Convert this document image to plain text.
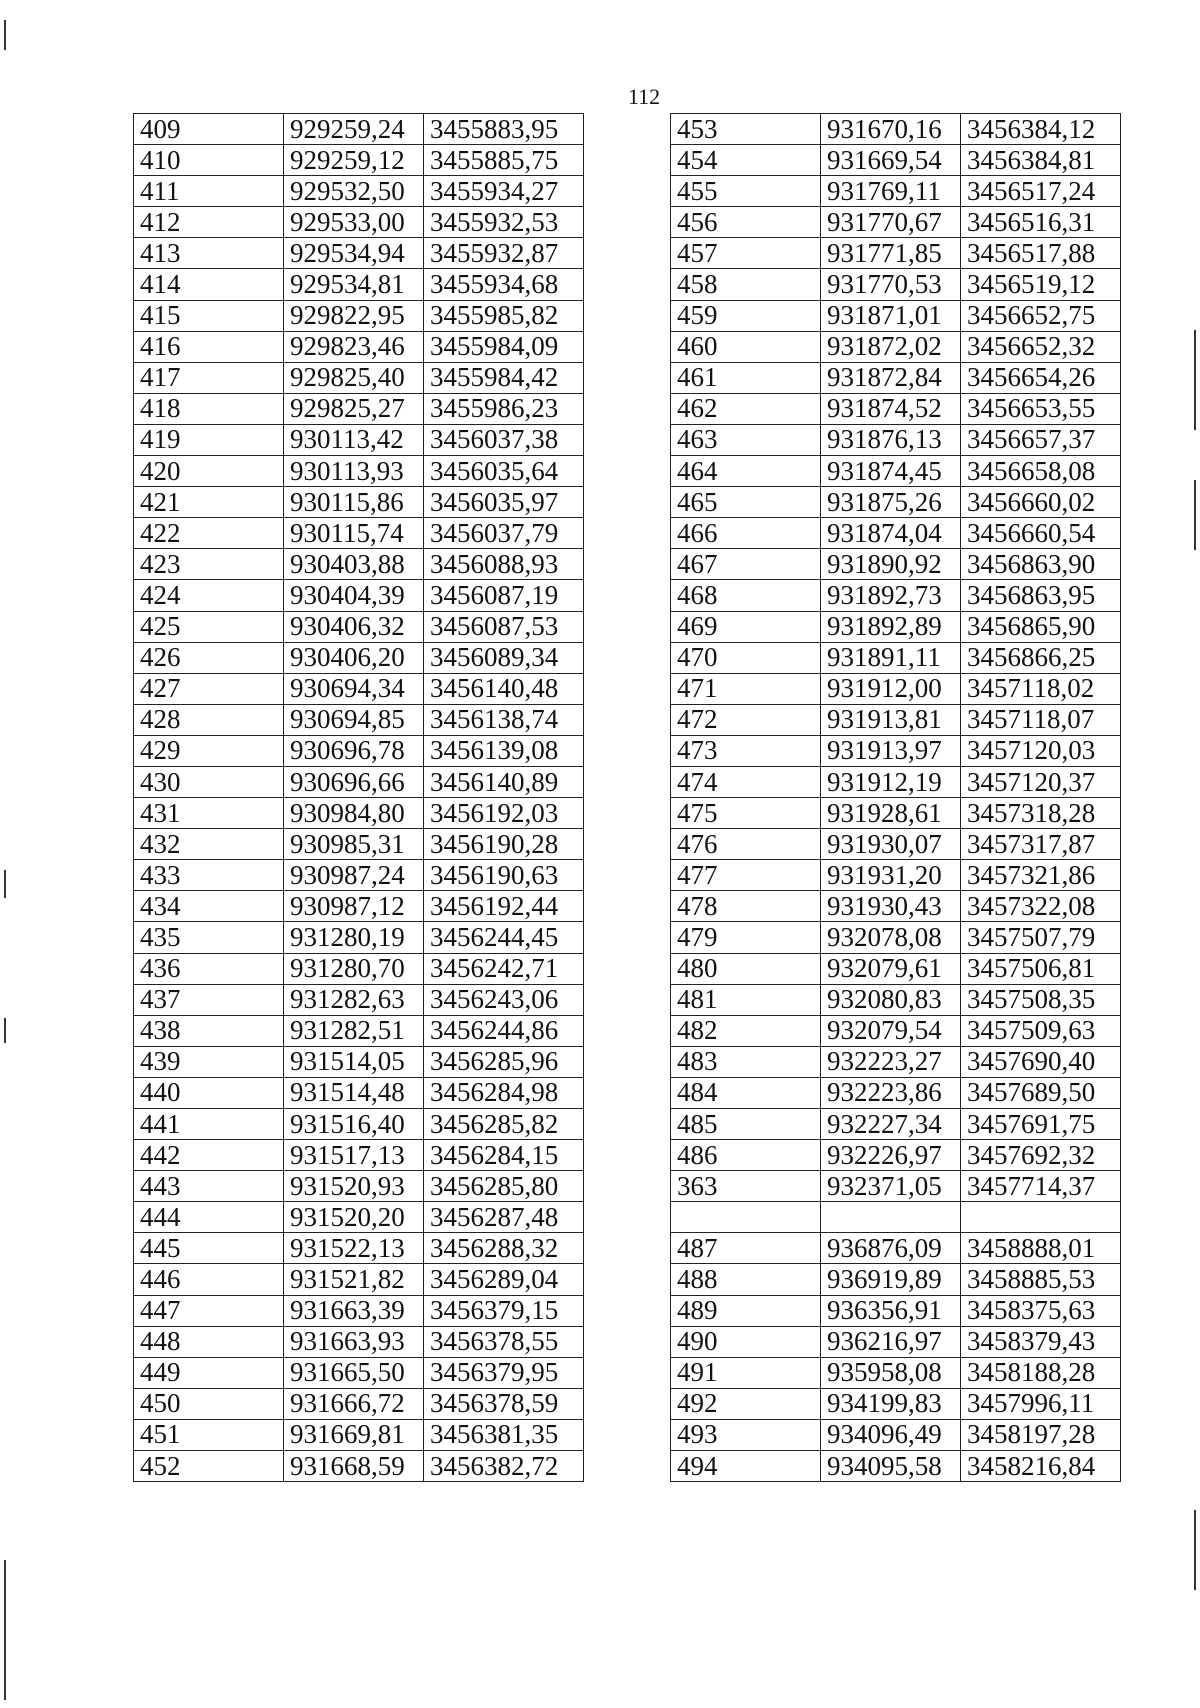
112
409	929259,24	3455883,95
410	929259,12	3455885,75
411	929532,50	3455934,27
412	929533,00	3455932,53
413	929534,94	3455932,87
414	929534,81	3455934,68
415	929822,95	3455985,82
416	929823,46	3455984,09
417	929825,40	3455984,42
418	929825,27	3455986,23
419	930113,42	3456037,38
420	930113,93	3456035,64
421	930115,86	3456035,97
422	930115,74	3456037,79
423	930403,88	3456088,93
424	930404,39	3456087,19
425	930406,32	3456087,53
426	930406,20	3456089,34
427	930694,34	3456140,48
428	930694,85	3456138,74
429	930696,78	3456139,08
430	930696,66	3456140,89
431	930984,80	3456192,03
432	930985,31	3456190,28
433	930987,24	3456190,63
434	930987,12	3456192,44
435	931280,19	3456244,45
436	931280,70	3456242,71
437	931282,63	3456243,06
438	931282,51	3456244,86
439	931514,05	3456285,96
440	931514,48	3456284,98
441	931516,40	3456285,82
442	931517,13	3456284,15
443	931520,93	3456285,80
444	931520,20	3456287,48
445	931522,13	3456288,32
446	931521,82	3456289,04
447	931663,39	3456379,15
448	931663,93	3456378,55
449	931665,50	3456379,95
450	931666,72	3456378,59
451	931669,81	3456381,35
452	931668,59	3456382,72
453	931670,16	3456384,12
454	931669,54	3456384,81
455	931769,11	3456517,24
456	931770,67	3456516,31
457	931771,85	3456517,88
458	931770,53	3456519,12
459	931871,01	3456652,75
460	931872,02	3456652,32
461	931872,84	3456654,26
462	931874,52	3456653,55
463	931876,13	3456657,37
464	931874,45	3456658,08
465	931875,26	3456660,02
466	931874,04	3456660,54
467	931890,92	3456863,90
468	931892,73	3456863,95
469	931892,89	3456865,90
470	931891,11	3456866,25
471	931912,00	3457118,02
472	931913,81	3457118,07
473	931913,97	3457120,03
474	931912,19	3457120,37
475	931928,61	3457318,28
476	931930,07	3457317,87
477	931931,20	3457321,86
478	931930,43	3457322,08
479	932078,08	3457507,79
480	932079,61	3457506,81
481	932080,83	3457508,35
482	932079,54	3457509,63
483	932223,27	3457690,40
484	932223,86	3457689,50
485	932227,34	3457691,75
486	932226,97	3457692,32
363	932371,05	3457714,37

487	936876,09	3458888,01
488	936919,89	3458885,53
489	936356,91	3458375,63
490	936216,97	3458379,43
491	935958,08	3458188,28
492	934199,83	3457996,11
493	934096,49	3458197,28
494	934095,58	3458216,84
